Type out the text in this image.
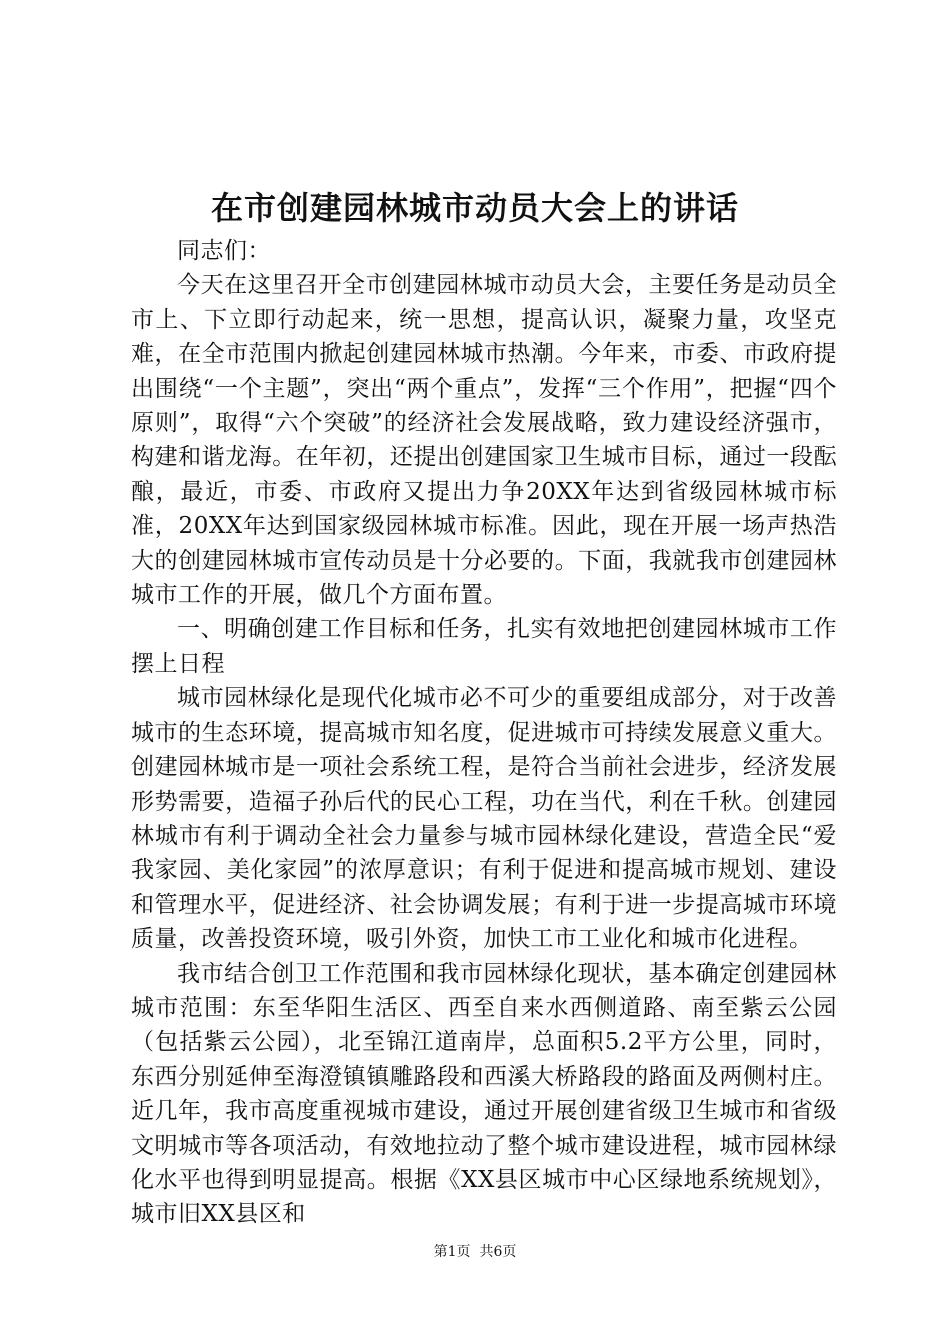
在市创建园林城市动员大会上的讲话

同志们：

今天在这里召开全市创建园林城市动员大会，主要任务是动员全市上、下立即行动起来，统一思想，提高认识，凝聚力量，攻坚克难，在全市范围内掀起创建园林城市热潮。今年来，市委、市政府提出围绕“一个主题”，突出“两个重点”，发挥“三个作用”，把握“四个原则”，取得“六个突破”的经济社会发展战略，致力建设经济强市，构建和谐龙海。在年初，还提出创建国家卫生城市目标，通过一段酝酿，最近，市委、市政府又提出力争20XX年达到省级园林城市标准，20XX年达到国家级园林城市标准。因此，现在开展一场声热浩大的创建园林城市宣传动员是十分必要的。下面，我就我市创建园林城市工作的开展，做几个方面布置。

一、明确创建工作目标和任务，扎实有效地把创建园林城市工作摆上日程

城市园林绿化是现代化城市必不可少的重要组成部分，对于改善城市的生态环境，提高城市知名度，促进城市可持续发展意义重大。创建园林城市是一项社会系统工程，是符合当前社会进步，经济发展形势需要，造福子孙后代的民心工程，功在当代，利在千秋。创建园林城市有利于调动全社会力量参与城市园林绿化建设，营造全民“爱我家园、美化家园”的浓厚意识；有利于促进和提高城市规划、建设和管理水平，促进经济、社会协调发展；有利于进一步提高城市环境质量，改善投资环境，吸引外资，加快工市工业化和城市化进程。

我市结合创卫工作范围和我市园林绿化现状，基本确定创建园林城市范围：东至华阳生活区、西至自来水西侧道路、南至紫云公园（包括紫云公园），北至锦江道南岸，总面积5.2平方公里，同时，东西分别延伸至海澄镇镇雕路段和西溪大桥路段的路面及两侧村庄。近几年，我市高度重视城市建设，通过开展创建省级卫生城市和省级文明城市等各项活动，有效地拉动了整个城市建设进程，城市园林绿化水平也得到明显提高。根据《XX县区城市中心区绿地系统规划》，城市旧XX县区和

第1页 共6页
